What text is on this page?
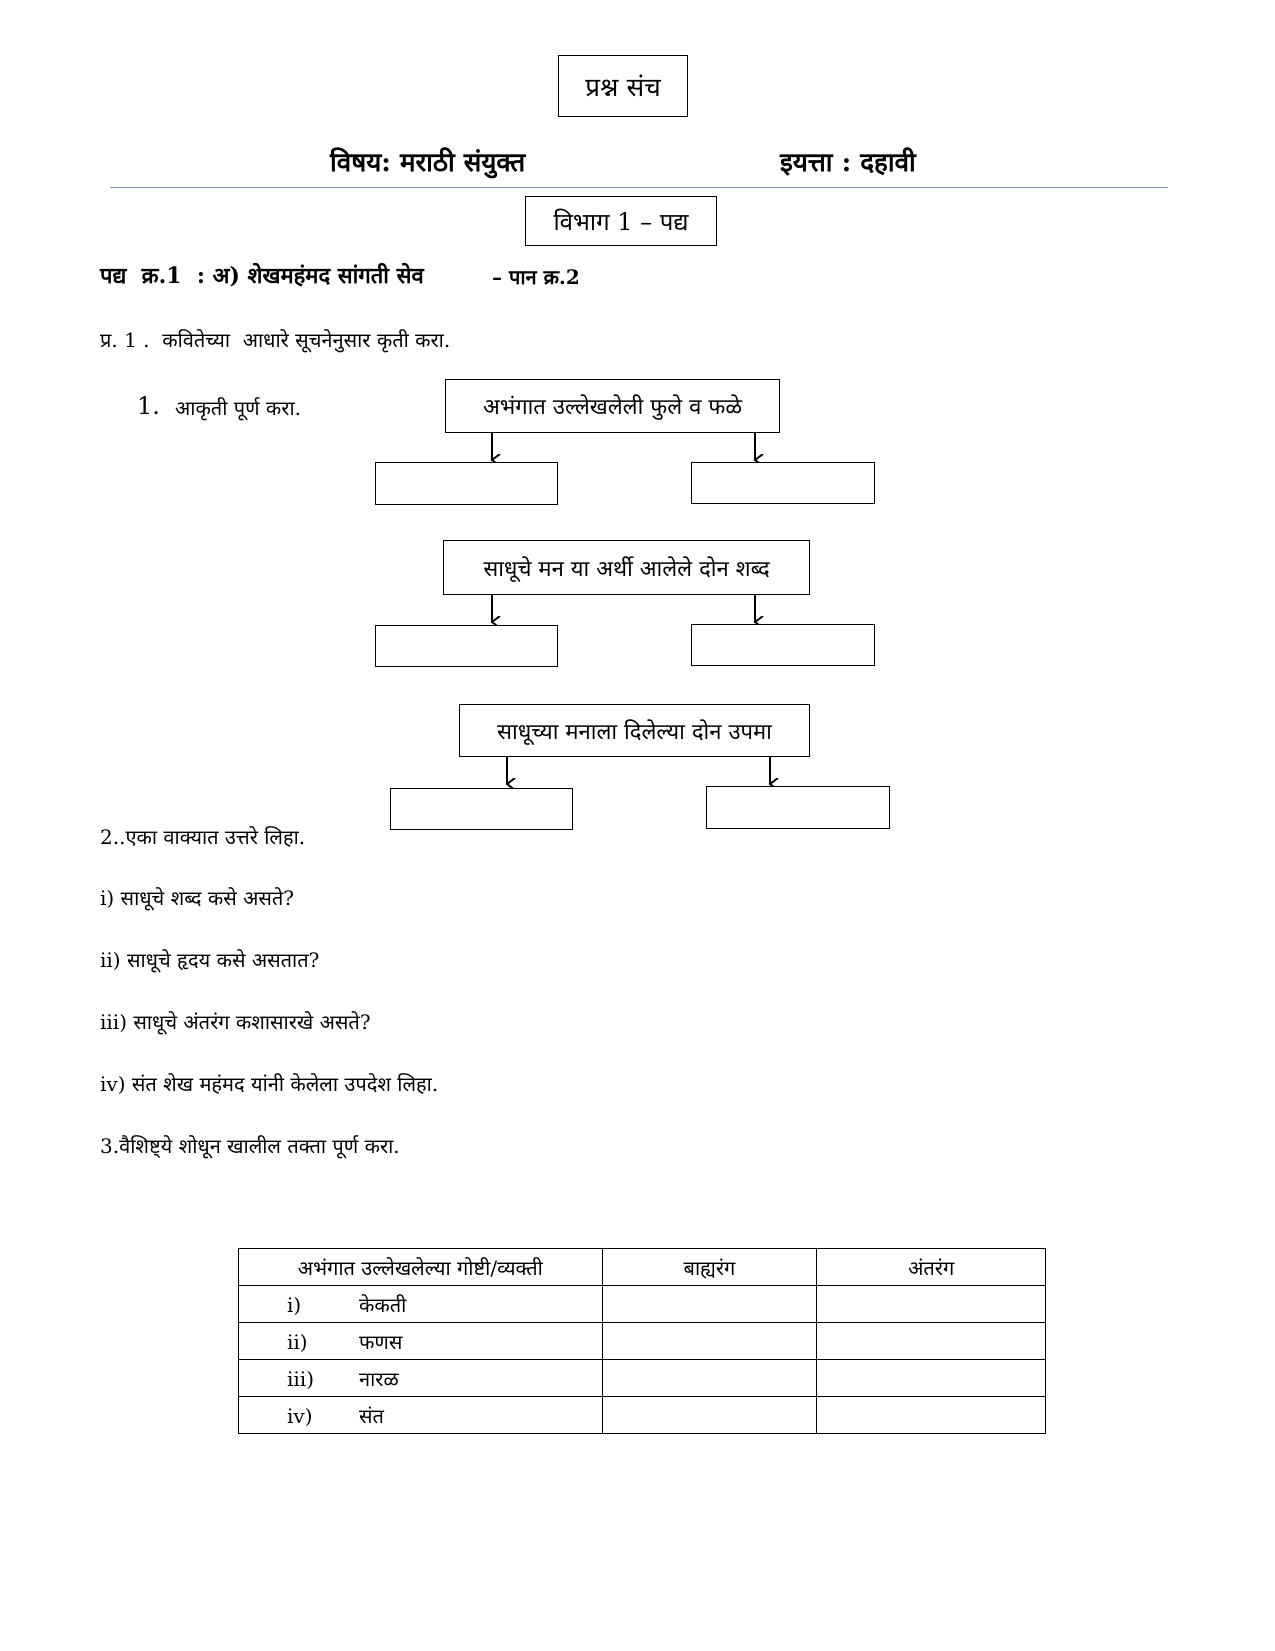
प्रश्न संच
विषय: मराठी संयुक्त	इयत्ता : दहावी
विभाग 1 – पद्य
पद्य  क्र.1  : अ) शेखमहंमद सांगती सेव	– पान क्र.2
प्र. 1 .  कवितेच्या  आधारे सूचनेनुसार कृती करा.
1. आकृती पूर्ण करा.	अभंगात उल्लेखलेली फुले व फळे
साधूचे मन या अर्थी आलेले दोन शब्द
साधूच्या मनाला दिलेल्या दोन उपमा
2..एका वाक्यात उत्तरे लिहा.
i) साधूचे शब्द कसे असते?
ii) साधूचे हृदय कसे असतात?
iii) साधूचे अंतरंग कशासारखे असते?
iv) संत शेख महंमद यांनी केलेला उपदेश लिहा.
3.वैशिष्ट्ये शोधून खालील तक्ता पूर्ण करा.
अभंगात उल्लेखलेल्या गोष्टी/व्यक्ती	बाह्यरंग	अंतरंग
i) केकती		
ii) फणस		
iii) नारळ		
iv) संत		
